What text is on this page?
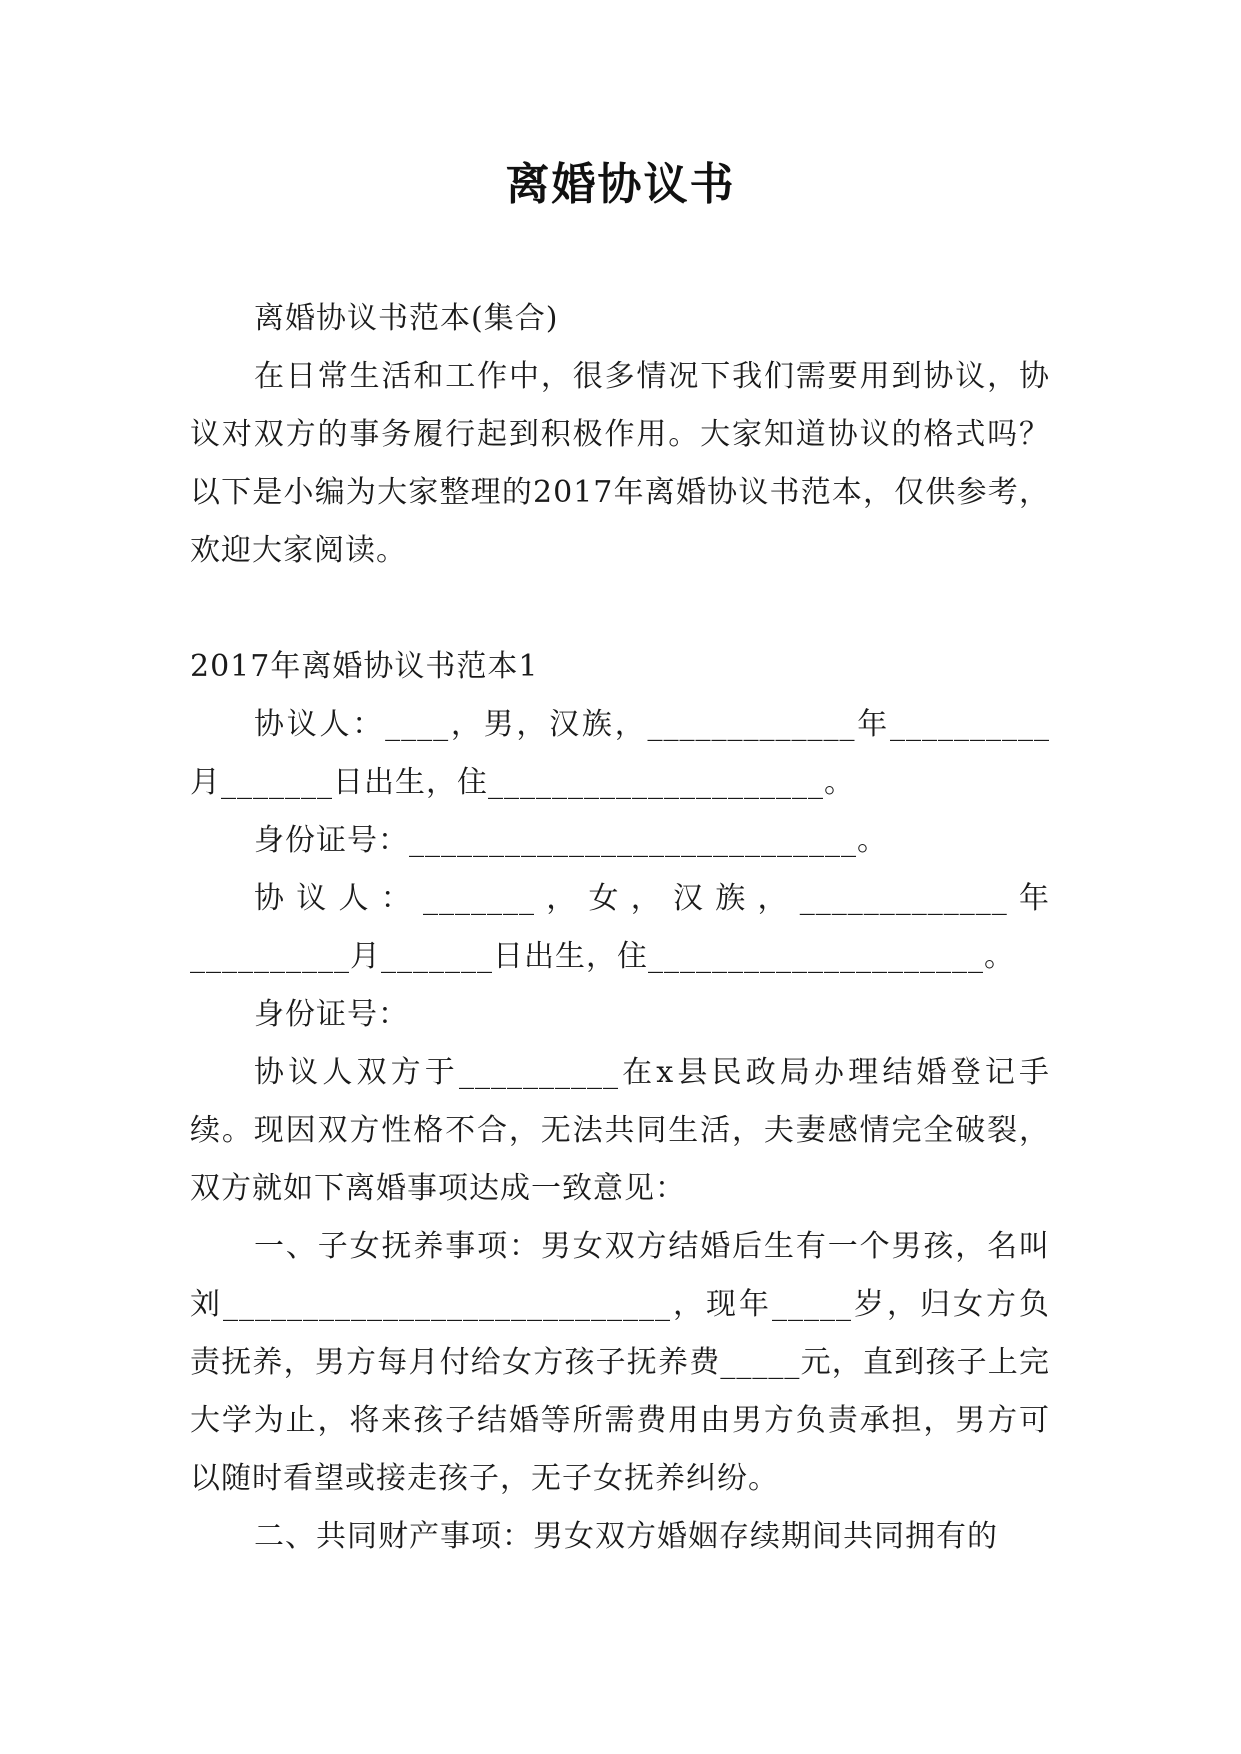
离婚协议书

离婚协议书范本(集合)

在日常生活和工作中，很多情况下我们需要用到协议，协议对双方的事务履行起到积极作用。大家知道协议的格式吗？以下是小编为大家整理的2017年离婚协议书范本，仅供参考，欢迎大家阅读。

2017年离婚协议书范本1

协议人：____，男，汉族，_____________年__________月_______日出生，住_____________________。

身份证号：____________________________。

协议人：_______，女，汉族，_____________年__________月_______日出生，住_____________________。

身份证号：

协议人双方于__________在x县民政局办理结婚登记手续。现因双方性格不合，无法共同生活，夫妻感情完全破裂，双方就如下离婚事项达成一致意见：

一、子女抚养事项：男女双方结婚后生有一个男孩，名叫刘____________________________，现年_____岁，归女方负责抚养，男方每月付给女方孩子抚养费_____元，直到孩子上完大学为止，将来孩子结婚等所需费用由男方负责承担，男方可以随时看望或接走孩子，无子女抚养纠纷。

二、共同财产事项：男女双方婚姻存续期间共同拥有的
